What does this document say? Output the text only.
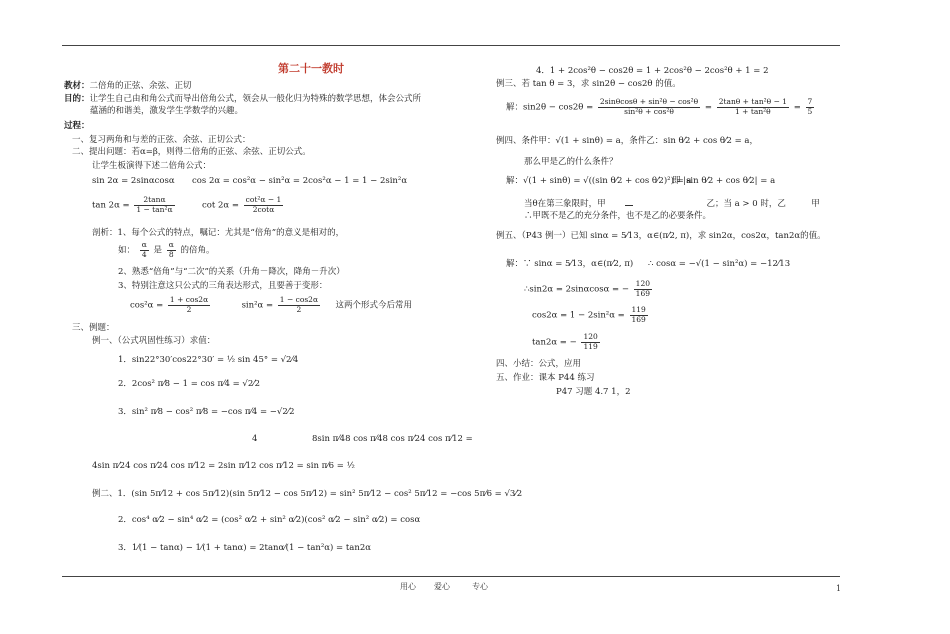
第二十一教时
教材：二倍角的正弦、余弦、正切
目的：让学生自己由和角公式而导出倍角公式，领会从一般化归为特殊的数学思想，体会公式所
蕴涵的和谐美，激发学生学数学的兴趣。
过程：
一、复习两角和与差的正弦、余弦、正切公式：
二、提出问题：若α=β，则得二倍角的正弦、余弦、正切公式。
让学生板演得下述二倍角公式：
sin 2α = 2sinαcosα cos 2α = cos²α − sin²α = 2cos²α − 1 = 1 − 2sin²α
$\tan 2\alpha = \frac{2\tan\alpha}{\text{1 − tan²α}}$	$\cot 2\alpha = \frac{\text{cot²α − 1}}{2\cot\alpha}$
剖析：1、每个公式的特点，嘱记：尤其是“倍角”的意义是相对的，
如： $\frac{\alpha}{4}$ 是 $\frac{\alpha}{8}$ 的倍角。
2、熟悉“倍角”与“二次”的关系（升角－降次，降角－升次）
3、特别注意这只公式的三角表达形式，且要善于变形：
$\cos^2\alpha = \frac{1 + \cos 2\alpha}{2}$	$\sin^2\alpha = \frac{1 - \cos 2\alpha}{2}$ 这两个形式今后常用
三、例题：
例一、（公式巩固性练习）求值：
1．sin22°30′cos22°30′ = ½ sin 45° = √2⁄4
2．2cos² π⁄8 − 1 = cos π⁄4 = √2⁄2
3．sin² π⁄8 − cos² π⁄8 = −cos π⁄4 = −√2⁄2
4	8sin π⁄48 cos π⁄48 cos π⁄24 cos π⁄12 =
4sin π⁄24 cos π⁄24 cos π⁄12 = 2sin π⁄12 cos π⁄12 = sin π⁄6 = ½
例二、1．(sin 5π⁄12 + cos 5π⁄12)(sin 5π⁄12 − cos 5π⁄12) = sin² 5π⁄12 − cos² 5π⁄12 = −cos 5π⁄6 = √3⁄2
2．cos⁴ α⁄2 − sin⁴ α⁄2 = (cos² α⁄2 + sin² α⁄2)(cos² α⁄2 − sin² α⁄2) = cosα
3．1⁄(1 − tanα) − 1⁄(1 + tanα) = 2tanα⁄(1 − tan²α) = tan2α
4．1 + 2cos²θ − cos2θ = 1 + 2cos²θ − 2cos²θ + 1 = 2
例三、若 tan θ = 3，求 sin2θ − cos2θ 的值。
解：$\sin 2\theta - \cos 2\theta = \frac{\text{2sinθcosθ + sin²θ − cos²θ}}{\text{sin²θ + cos²θ}} = \frac{\text{2tanθ + tan²θ − 1}}{\text{1 + tan²θ}} = \frac{7}{5}$
例四、条件甲：√(1 + sinθ) = a，条件乙：sin θ⁄2 + cos θ⁄2 = a，
那么甲是乙的什么条件？
解：√(1 + sinθ) = √((sin θ⁄2 + cos θ⁄2)²) = a
即 |sin θ⁄2 + cos θ⁄2| = a
当θ在第三象限时，甲	乙；当 a > 0 时，乙	甲
∴甲既不是乙的充分条件，也不是乙的必要条件。
例五、（P43 例一）已知 sinα = 5⁄13，α∈(π⁄2, π)，求 sin2α，cos2α，tan2α的值。
解：∵ sinα = 5⁄13，α∈(π⁄2, π) ∴ cosα = −√(1 − sin²α) = −12⁄13
∴sin2α = 2sinαcosα = − $\frac{120}{169}$
$\cos 2\alpha = 1 - 2\sin^2\alpha = \frac{119}{169}$
tan2α = − $\frac{120}{119}$
四、小结：公式，应用
五、作业：课本 P44 练习
P47 习题 4.7 1，2
用心 爱心	专心	1
